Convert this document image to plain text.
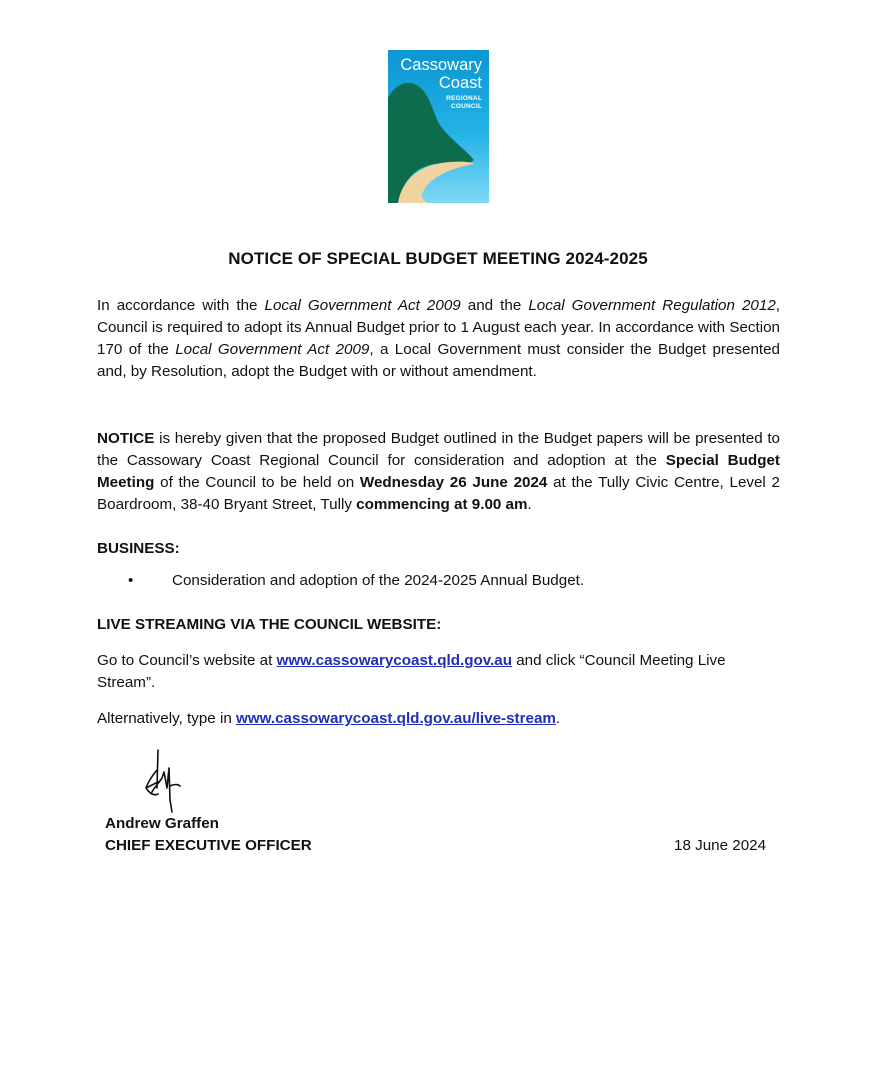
Cassowary
Coast
REGIONAL
COUNCIL
NOTICE OF SPECIAL BUDGET MEETING 2024-2025

In accordance with the Local Government Act 2009 and the Local Government Regulation 2012, Council is required to adopt its Annual Budget prior to 1 August each year. In accordance with Section 170 of the Local Government Act 2009, a Local Government must consider the Budget presented and, by Resolution, adopt the Budget with or without amendment.

NOTICE is hereby given that the proposed Budget outlined in the Budget papers will be presented to the Cassowary Coast Regional Council for consideration and adoption at the Special Budget Meeting of the Council to be held on Wednesday 26 June 2024 at the Tully Civic Centre, Level 2 Boardroom, 38-40 Bryant Street, Tully commencing at 9.00 am.

BUSINESS:
•	Consideration and adoption of the 2024-2025 Annual Budget.
LIVE STREAMING VIA THE COUNCIL WEBSITE:

Go to Council’s website at www.cassowarycoast.qld.gov.au and click “Council Meeting Live Stream”.

Alternatively, type in www.cassowarycoast.qld.gov.au/live-stream.

Andrew Graffen
CHIEF EXECUTIVE OFFICER	18 June 2024
